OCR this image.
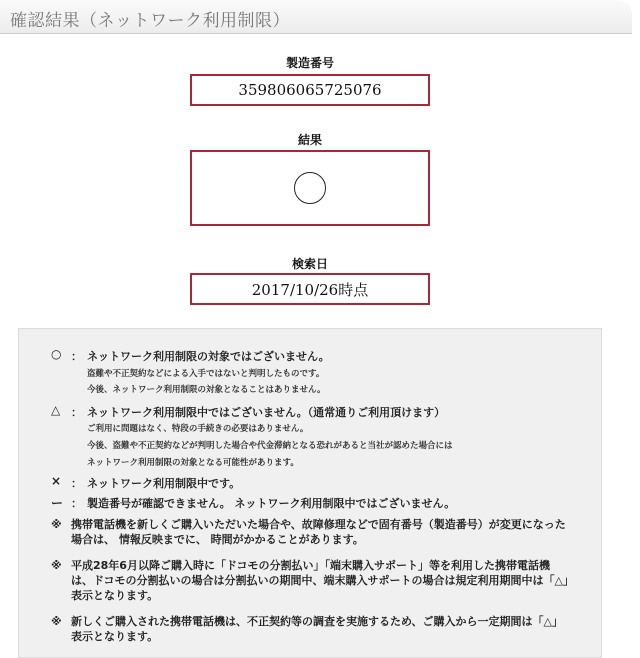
確認結果（ネットワーク利用制限）
製造番号
359806065725076
結果
検索日
2017/10/26時点
○ ： ネットワーク利用制限の対象ではございません。
盗難や不正契約などによる入手ではないと判明したものです。
今後、ネットワーク利用制限の対象となることはありません。
△ ： ネットワーク利用制限中ではございません。（通常通りご利用頂けます）
ご利用に問題はなく、特段の手続きの必要はありません。
今後、盗難や不正契約などが判明した場合や代金滞納となる恐れがあると当社が認めた場合には
ネットワーク利用制限の対象となる可能性があります。
× ： ネットワーク利用制限中です。
ー ： 製造番号が確認できません。 ネットワーク利用制限中ではございません。
※ 携帯電話機を新しくご購入いただいた場合や、故障修理などで固有番号（製造番号）が変更になった場合は、 情報反映までに、 時間がかかることがあります。
※ 平成28年6月以降ご購入時に「ドコモの分割払い」「端末購入サポート」等を利用した携帯電話機は、ドコモの分割払いの場合は分割払いの期間中、端末購入サポートの場合は規定利用期間中は「△」表示となります。
※ 新しくご購入された携帯電話機は、不正契約等の調査を実施するため、ご購入から一定期間は「△」表示となります。
